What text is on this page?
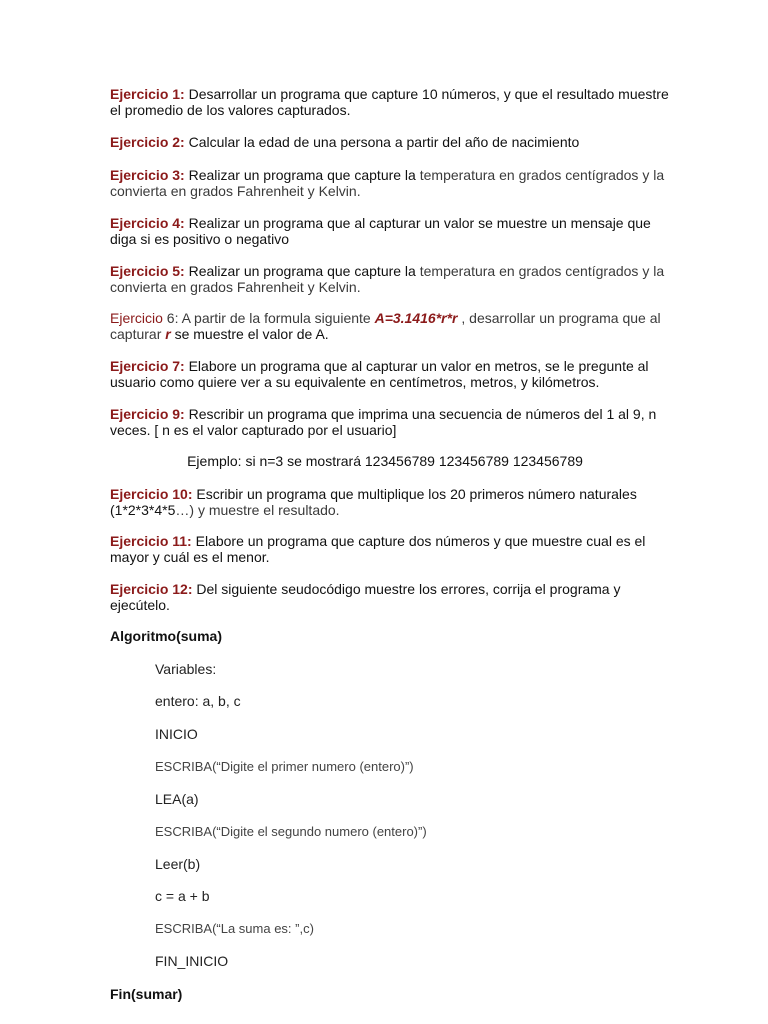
Ejercicio 1: Desarrollar un programa que capture 10 números, y que el resultado muestre el promedio de los valores capturados.
Ejercicio 2: Calcular la edad de una persona a partir del año de nacimiento
Ejercicio 3: Realizar un programa que capture la temperatura en grados centígrados y la convierta en grados Fahrenheit y Kelvin.
Ejercicio 4: Realizar un programa que al capturar un valor se muestre un mensaje que diga si es positivo o negativo
Ejercicio 5: Realizar un programa que capture la temperatura en grados centígrados y la convierta en grados Fahrenheit y Kelvin.
Ejercicio 6: A partir de la formula siguiente A=3.1416*r*r , desarrollar un programa que al capturar r se muestre el valor de A.
Ejercicio 7: Elabore un programa que al capturar un valor en metros, se le pregunte al usuario como quiere ver a su equivalente en centímetros, metros, y kilómetros.
Ejercicio 9: Rescribir un programa que imprima una secuencia de números del 1 al 9, n veces. [ n es el valor capturado por el usuario]
Ejemplo: si n=3 se mostrará 123456789 123456789 123456789
Ejercicio 10: Escribir un programa que multiplique los 20 primeros número naturales (1*2*3*4*5…) y muestre el resultado.
Ejercicio 11: Elabore un programa que capture dos números y que muestre cual es el mayor y cuál es el menor.
Ejercicio 12: Del siguiente seudocódigo muestre los errores, corrija el programa y ejecútelo.
Algoritmo(suma)
Variables:
entero: a, b, c
INICIO
ESCRIBA(“Digite el primer numero (entero)”)
LEA(a)
ESCRIBA(“Digite el segundo numero (entero)”)
Leer(b)
c = a + b
ESCRIBA(“La suma es: ”,c)
FIN_INICIO
Fin(sumar)
